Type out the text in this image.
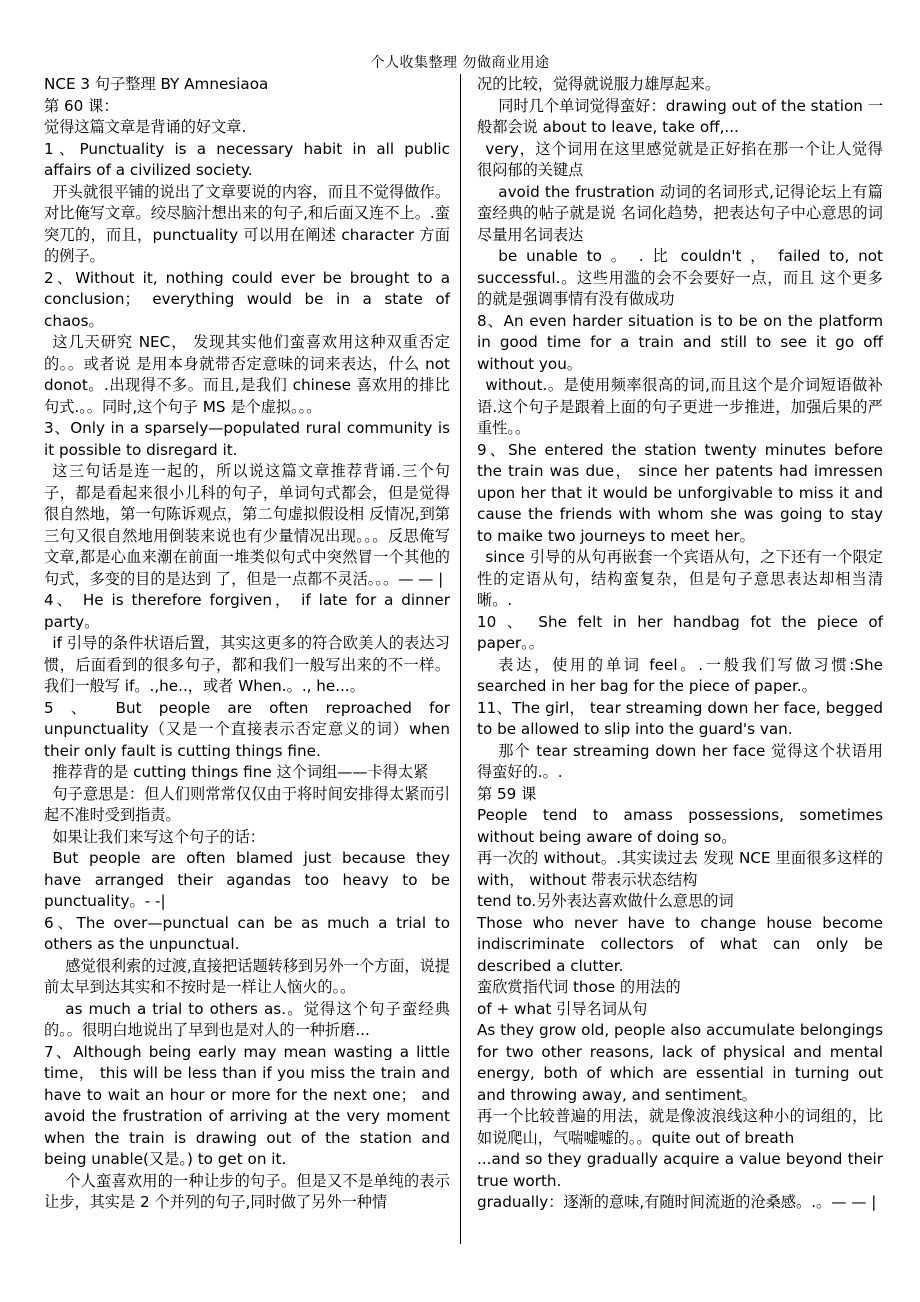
个人收集整理 勿做商业用途

NCE 3 句子整理 BY Amnesiaoa

第 60 课：

觉得这篇文章是背诵的好文章.

1、Punctuality is a necessary habit in all public affairs of a civilized society.

开头就很平铺的说出了文章要说的内容，而且不觉得做作。对比俺写文章。绞尽脑汁想出来的句子,和后面又连不上。.蛮突兀的，而且，punctuality 可以用在阐述 character 方面的例子。

2、Without it, nothing could ever be brought to a conclusion； everything would be in a state of chaos。

这几天研究 NEC， 发现其实他们蛮喜欢用这种双重否定的。。或者说 是用本身就带否定意味的词来表达，什么 not donot。.出现得不多。而且,是我们 chinese 喜欢用的排比句式.。。同时,这个句子 MS 是个虚拟。。。

3、Only in a sparsely—populated rural community is it possible to disregard it.

这三句话是连一起的，所以说这篇文章推荐背诵.三个句子，都是看起来很小儿科的句子，单词句式都会，但是觉得很自然地，第一句陈诉观点，第二句虚拟假设相 反情况,到第三句又很自然地用倒装来说也有少量情况出现。。。反思俺写文章,都是心血来潮在前面一堆类似句式中突然冒一个其他的句式，多变的目的是达到 了，但是一点都不灵活。。。— — |

4、 He is therefore forgiven， if late for a dinner party。

if 引导的条件状语后置，其实这更多的符合欧美人的表达习惯，后面看到的很多句子，都和我们一般写出来的不一样。我们一般写 if。.,he..，或者 When.。., he...。

5 、 But people are often reproached for unpunctuality（又是一个直接表示否定意义的词）when their only fault is cutting things fine.

推荐背的是 cutting things fine 这个词组——卡得太紧

句子意思是：但人们则常常仅仅由于将时间安排得太紧而引起不准时受到指责。

如果让我们来写这个句子的话：

But people are often blamed just because they have arranged their agandas too heavy to be punctuality。- -|

6、The over—punctual can be as much a trial to others as the unpunctual.

感觉很利索的过渡,直接把话题转移到另外一个方面，说提前太早到达其实和不按时是一样让人恼火的。。

as much a trial to others as.。觉得这个句子蛮经典的。。很明白地说出了早到也是对人的一种折磨...

7、Although being early may mean wasting a little time， this will be less than if you miss the train and have to wait an hour or more for the next one； and avoid the frustration of arriving at the very moment when the train is drawing out of the station and being unable(又是。) to get on it.

个人蛮喜欢用的一种让步的句子。但是又不是单纯的表示让步，其实是 2 个并列的句子,同时做了另外一种情

况的比较，觉得就说服力雄厚起来。

同时几个单词觉得蛮好：drawing out of the station 一般都会说 about to leave, take off,...

very，这个词用在这里感觉就是正好掐在那一个让人觉得很闷郁的关键点

avoid the frustration 动词的名词形式,记得论坛上有篇蛮经典的帖子就是说 名词化趋势，把表达句子中心意思的词尽量用名词表达

be unable to 。 . 比 couldn't ， failed to, not successful.。这些用滥的会不会要好一点，而且 这个更多的就是强调事情有没有做成功

8、An even harder situation is to be on the platform in good time for a train and still to see it go off without you。

without.。是使用频率很高的词,而且这个是介词短语做补语.这个句子是跟着上面的句子更进一步推进，加强后果的严重性。。

9、She entered the station twenty minutes before the train was due， since her patents had imressen upon her that it would be unforgivable to miss it and cause the friends with whom she was going to stay to maike two journeys to meet her。

since 引导的从句再嵌套一个宾语从句，之下还有一个限定性的定语从句，结构蛮复杂，但是句子意思表达却相当清晰。.

10 、 She felt in her handbag fot the piece of paper。。

表达，使用的单词 feel。.一般我们写做习惯:She searched in her bag for the piece of paper.。

11、The girl， tear streaming down her face, begged to be allowed to slip into the guard's van.

那个 tear streaming down her face 觉得这个状语用得蛮好的.。.

第 59 课

People tend to amass possessions, sometimes without being aware of doing so。

再一次的 without。.其实读过去 发现 NCE 里面很多这样的 with， without 带表示状态结构

tend to.另外表达喜欢做什么意思的词

Those who never have to change house become indiscriminate collectors of what can only be described a clutter.

蛮欣赏指代词 those 的用法的

of + what 引导名词从句

As they grow old, people also accumulate belongings for two other reasons, lack of physical and mental energy, both of which are essential in turning out and throwing away, and sentiment。

再一个比较普遍的用法，就是像波浪线这种小的词组的，比如说爬山，气喘嘘嘘的。。quite out of breath

...and so they gradually acquire a value beyond their true worth.

gradually：逐渐的意味,有随时间流逝的沧桑感。.。— — |
